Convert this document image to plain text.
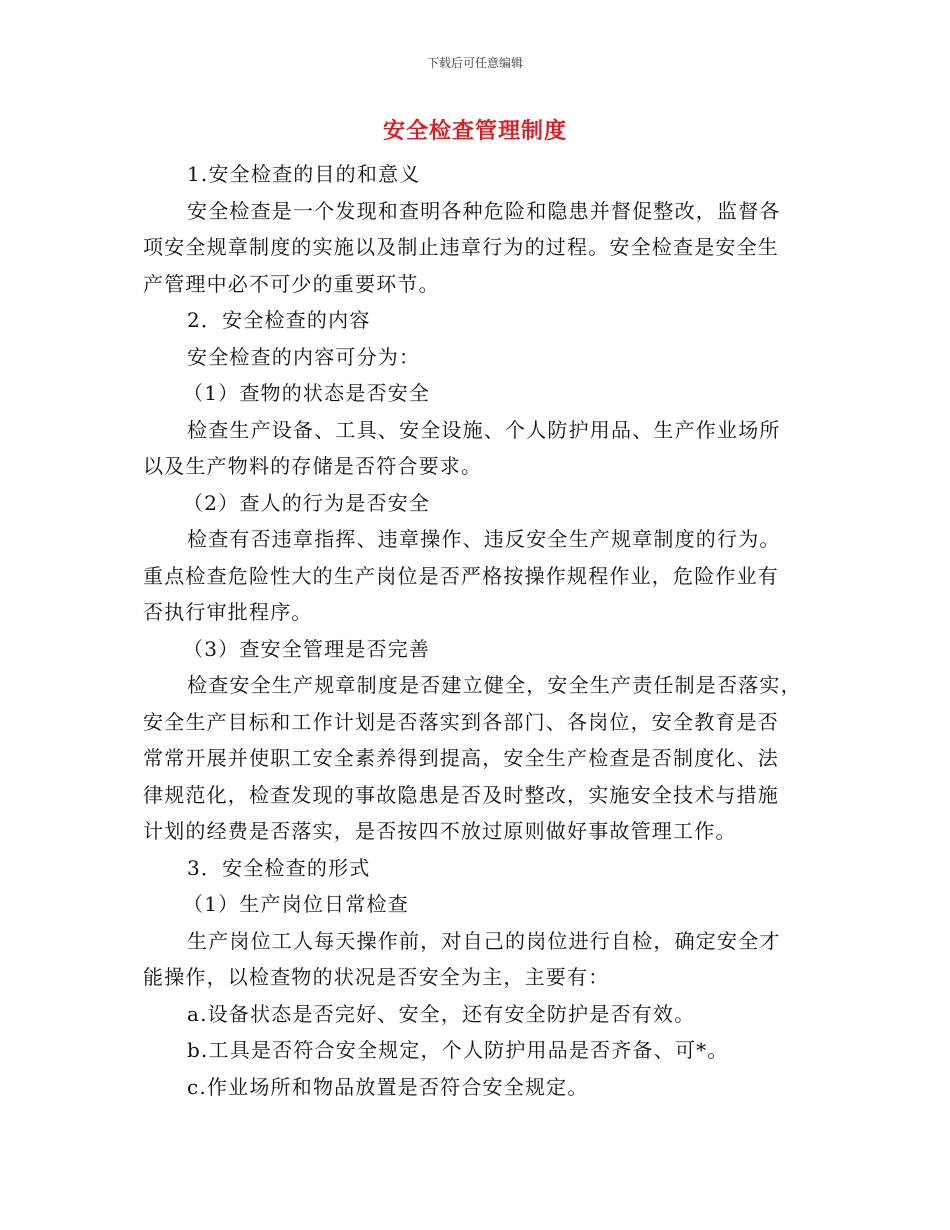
下载后可任意编辑
安全检查管理制度

1.安全检查的目的和意义

安全检查是一个发现和查明各种危险和隐患并督促整改，监督各
项安全规章制度的实施以及制止违章行为的过程。安全检查是安全生
产管理中必不可少的重要环节。

2．安全检查的内容

安全检查的内容可分为：

（1）查物的状态是否安全

检查生产设备、工具、安全设施、个人防护用品、生产作业场所
以及生产物料的存储是否符合要求。

（2）查人的行为是否安全

检查有否违章指挥、违章操作、违反安全生产规章制度的行为。
重点检查危险性大的生产岗位是否严格按操作规程作业，危险作业有
否执行审批程序。

（3）查安全管理是否完善

检查安全生产规章制度是否建立健全，安全生产责任制是否落实，
安全生产目标和工作计划是否落实到各部门、各岗位，安全教育是否
常常开展并使职工安全素养得到提高，安全生产检查是否制度化、法
律规范化，检查发现的事故隐患是否及时整改，实施安全技术与措施
计划的经费是否落实，是否按四不放过原则做好事故管理工作。

3．安全检查的形式

（1）生产岗位日常检查

生产岗位工人每天操作前，对自己的岗位进行自检，确定安全才
能操作，以检查物的状况是否安全为主，主要有：

a.设备状态是否完好、安全，还有安全防护是否有效。

b.工具是否符合安全规定，个人防护用品是否齐备、可*。

c.作业场所和物品放置是否符合安全规定。
